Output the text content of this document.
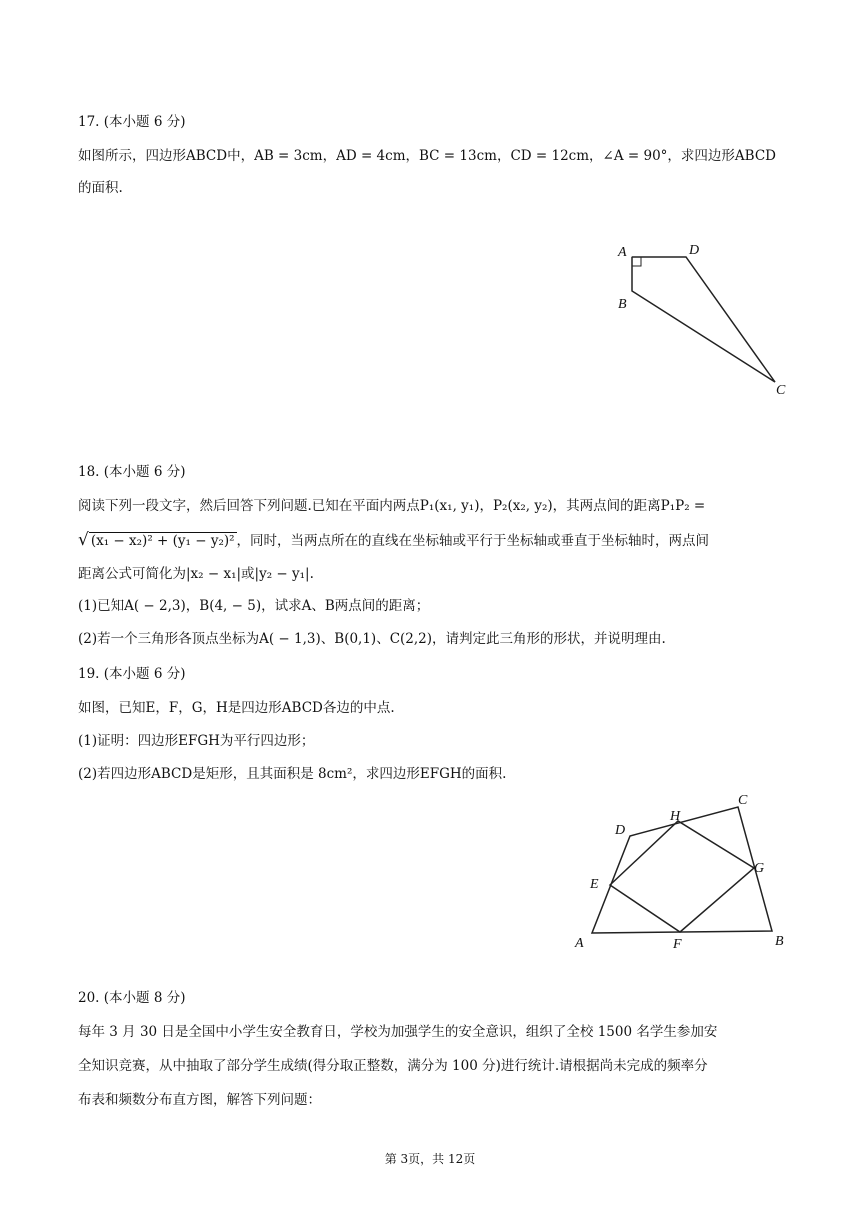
17. (本小题 6 分)
如图所示，四边形ABCD中，AB = 3cm，AD = 4cm，BC = 13cm，CD = 12cm，∠A = 90°，求四边形ABCD
的面积.
A	D
B
C
18. (本小题 6 分)
阅读下列一段文字，然后回答下列问题.已知在平面内两点P₁(x₁, y₁)，P₂(x₂, y₂)，其两点间的距离P₁P₂ =
√ (x₁ − x₂)² + (y₁ − y₂)² ，同时，当两点所在的直线在坐标轴或平行于坐标轴或垂直于坐标轴时，两点间
距离公式可简化为|x₂ − x₁|或|y₂ − y₁|.
(1)已知A( − 2,3)，B(4, − 5)，试求A、B两点间的距离；
(2)若一个三角形各顶点坐标为A( − 1,3)、B(0,1)、C(2,2)，请判定此三角形的形状，并说明理由.
19. (本小题 6 分)
如图，已知E，F，G，H是四边形ABCD各边的中点.
(1)证明：四边形EFGH为平行四边形；
(2)若四边形ABCD是矩形，且其面积是 8cm²，求四边形EFGH的面积.
A	B
C
D
E
F
G
H
20. (本小题 8 分)
每年 3 月 30 日是全国中小学生安全教育日，学校为加强学生的安全意识，组织了全校 1500 名学生参加安
全知识竞赛，从中抽取了部分学生成绩(得分取正整数，满分为 100 分)进行统计.请根据尚未完成的频率分
布表和频数分布直方图，解答下列问题：
第 3页，共 12页
